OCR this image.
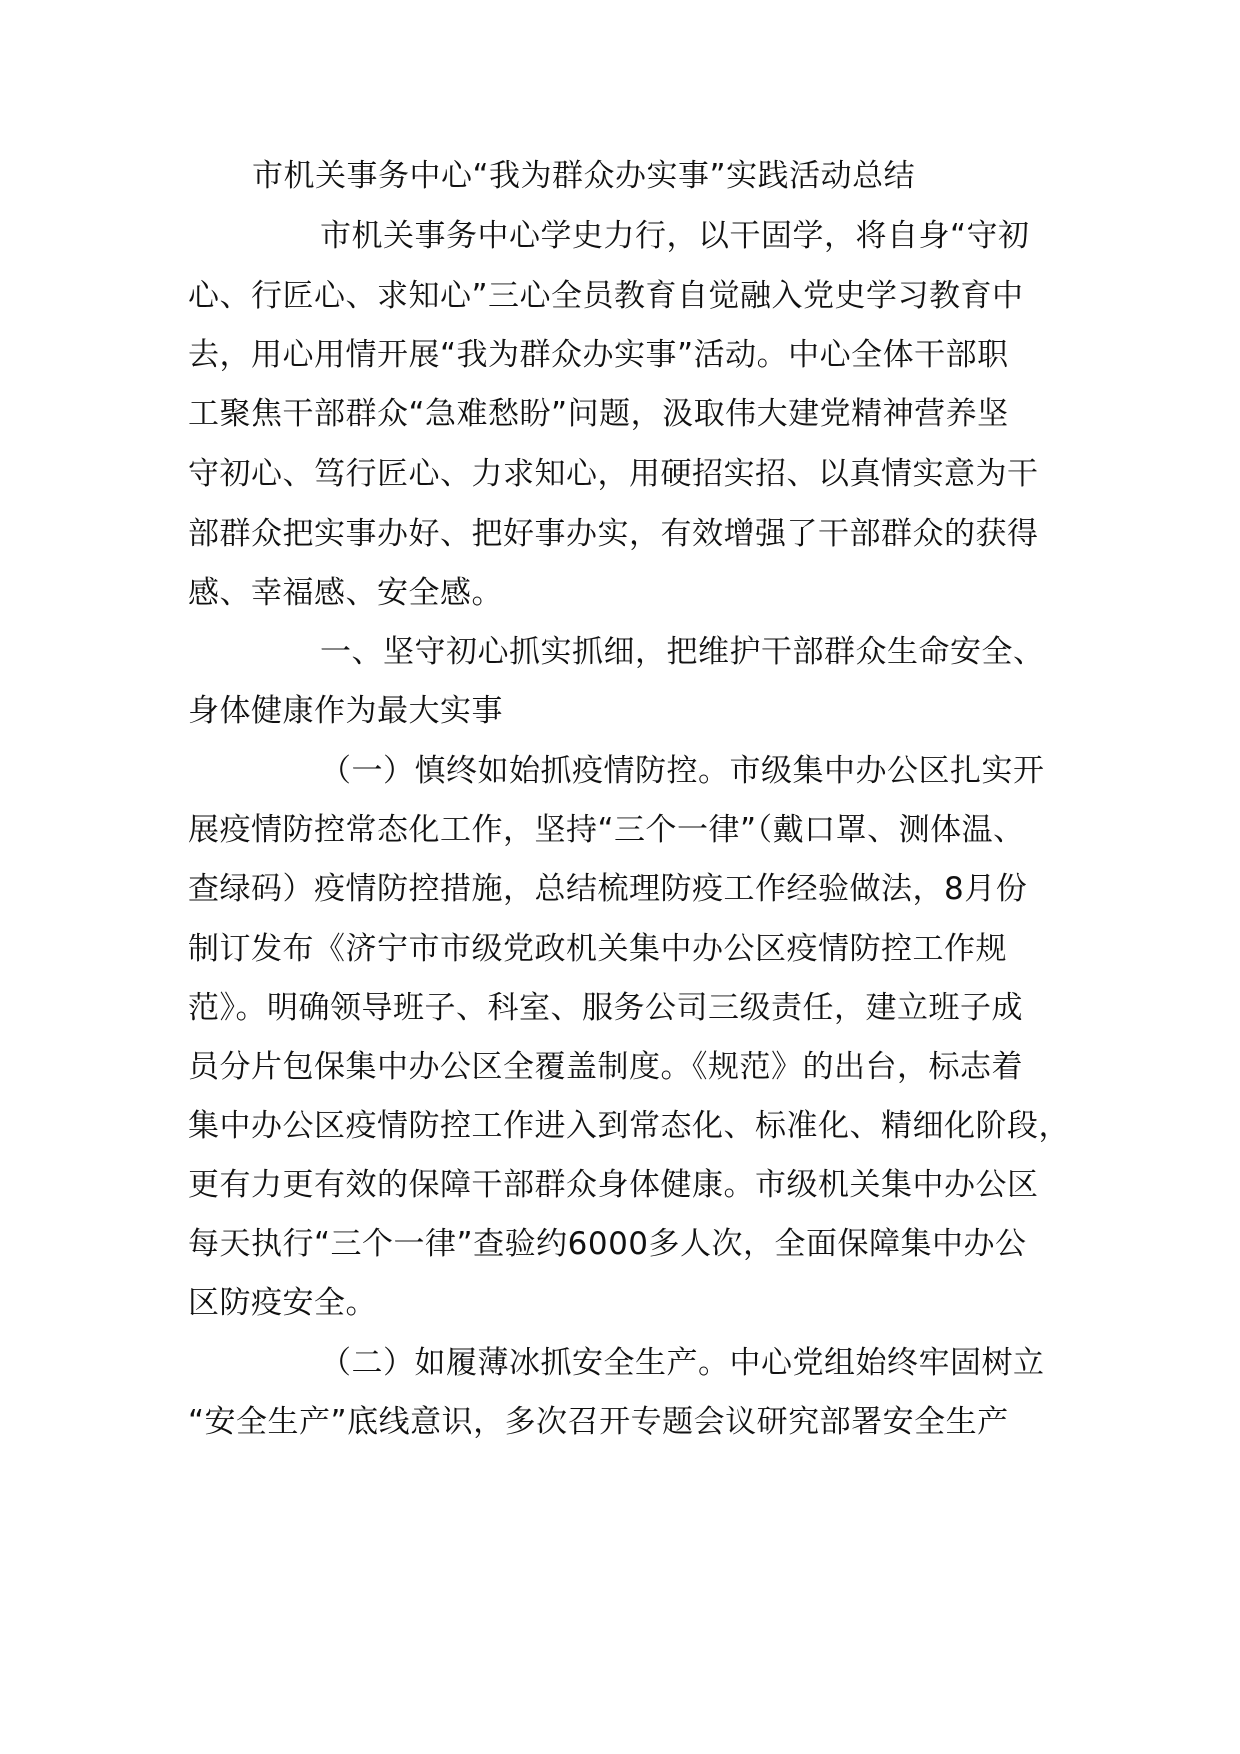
市机关事务中心“我为群众办实事”实践活动总结
市机关事务中心学史力行，以干固学，将自身“守初
心、行匠心、求知心”三心全员教育自觉融入党史学习教育中
去，用心用情开展“我为群众办实事”活动。中心全体干部职
工聚焦干部群众“急难愁盼”问题，汲取伟大建党精神营养坚
守初心、笃行匠心、力求知心，用硬招实招、以真情实意为干
部群众把实事办好、把好事办实，有效增强了干部群众的获得
感、幸福感、安全感。
一、坚守初心抓实抓细，把维护干部群众生命安全、
身体健康作为最大实事
（一）慎终如始抓疫情防控。市级集中办公区扎实开
展疫情防控常态化工作，坚持“三个一律”（戴口罩、测体温、
查绿码）疫情防控措施，总结梳理防疫工作经验做法，8月份
制订发布《济宁市市级党政机关集中办公区疫情防控工作规
范》。明确领导班子、科室、服务公司三级责任，建立班子成
员分片包保集中办公区全覆盖制度。《规范》的出台，标志着
集中办公区疫情防控工作进入到常态化、标准化、精细化阶段，
更有力更有效的保障干部群众身体健康。市级机关集中办公区
每天执行“三个一律”查验约6000多人次，全面保障集中办公
区防疫安全。
（二）如履薄冰抓安全生产。中心党组始终牢固树立
“安全生产”底线意识，多次召开专题会议研究部署安全生产
